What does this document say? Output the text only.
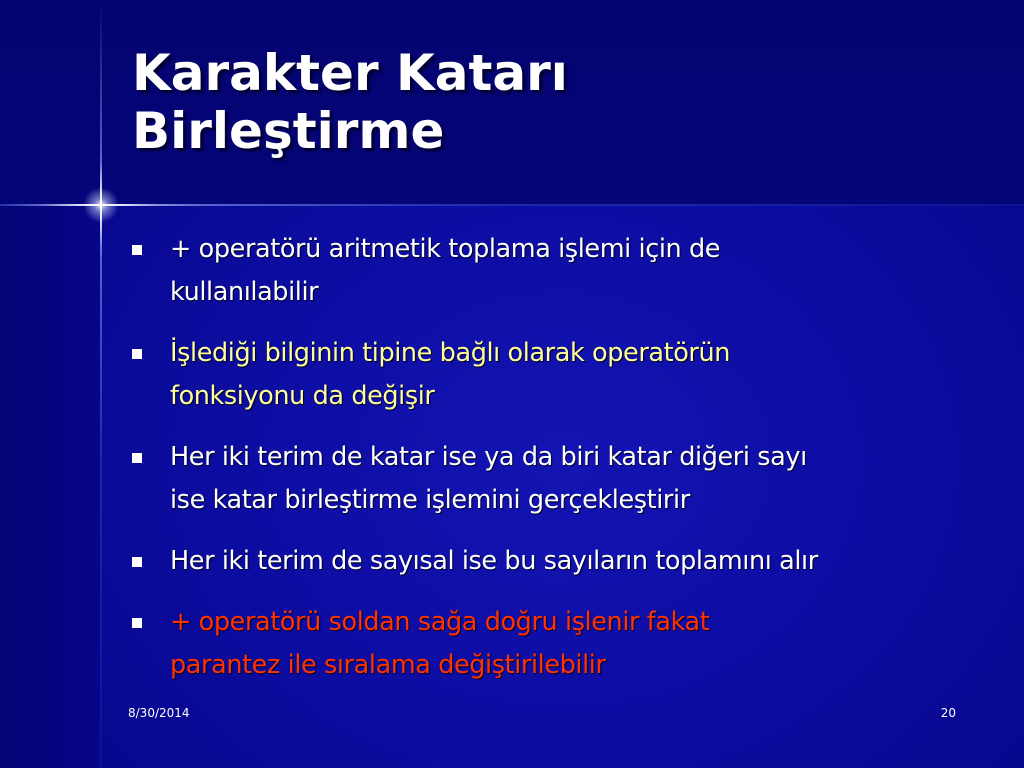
Karakter Katarı
Birleştirme
+ operatörü aritmetik toplama işlemi için de
kullanılabilir
İşlediği bilginin tipine bağlı olarak operatörün
fonksiyonu da değişir
Her iki terim de katar ise ya da biri katar diğeri sayı
ise katar birleştirme işlemini gerçekleştirir
Her iki terim de sayısal ise bu sayıların toplamını alır
+ operatörü soldan sağa doğru işlenir fakat
parantez ile sıralama değiştirilebilir
8/30/2014	20
